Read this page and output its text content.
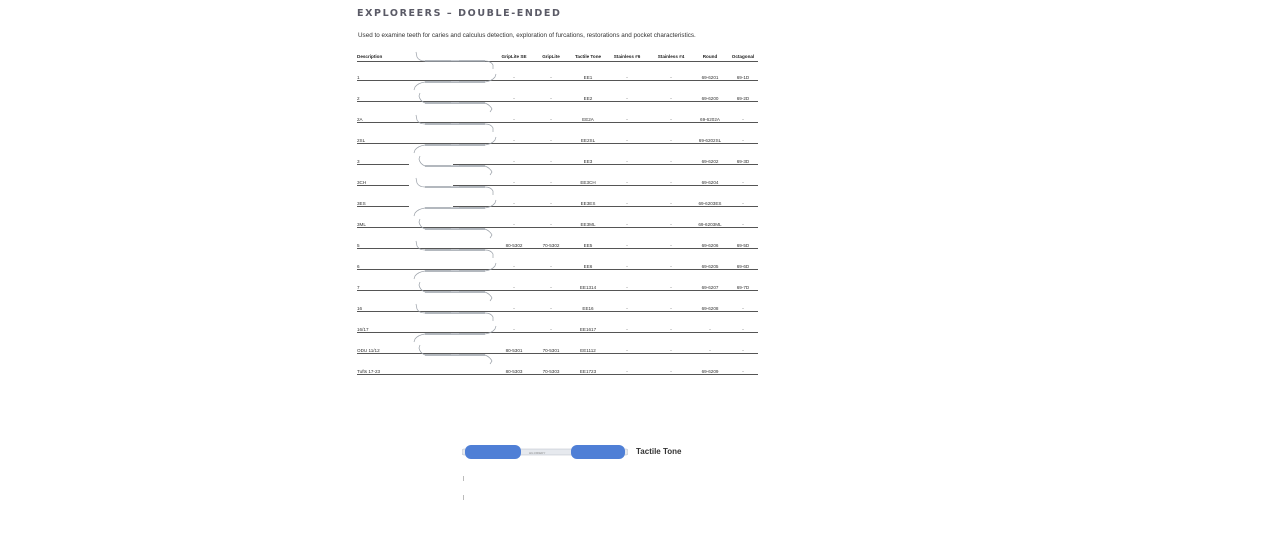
EXPLOREERS – DOUBLE-ENDED
Used to examine teeth for caries and calculus detection, exploration of furcations, restorations and pocket characteristics.
Description	GripLite SE	GripLite	Tactile Tone	Stainless #6	Stainless #4	Round	Octagonal
1	-	-	EE1	-	-	69-6201	69-1D
2	-	-	EE2	-	-	69-6200	69-2D
2A	-	-	EE2A	-	-	69-6202A	-
2SL	-	-	EE2SL	-	-	69-6202SL	-
3	-	-	EE3	-	-	69-6202	69-3D
3CH	-	-	EE3CH	-	-	69-6204	-
3ES	-	-	EE3ES	-	-	69-6203ES	-
3ML	-	-	EE3ML	-	-	69-6203ML	-
5	80-5302	70-5302	EE5	-	-	69-6206	69-5D
6	-	-	EE6	-	-	69-6205	69-6D
7	-	-	EE1314	-	-	69-6207	69-7D
16	-	-	EE16	-	-	69-6208	-
16/17	-	-	EE1617	-	-	-	-
ODU 11/12	80-5301	70-5301	EE1112	-	-	-	-
Tufts 17-23	80-5303	70-5303	EE1723	-	-	69-6209	-
HU-FRIEDY	Tactile Tone
